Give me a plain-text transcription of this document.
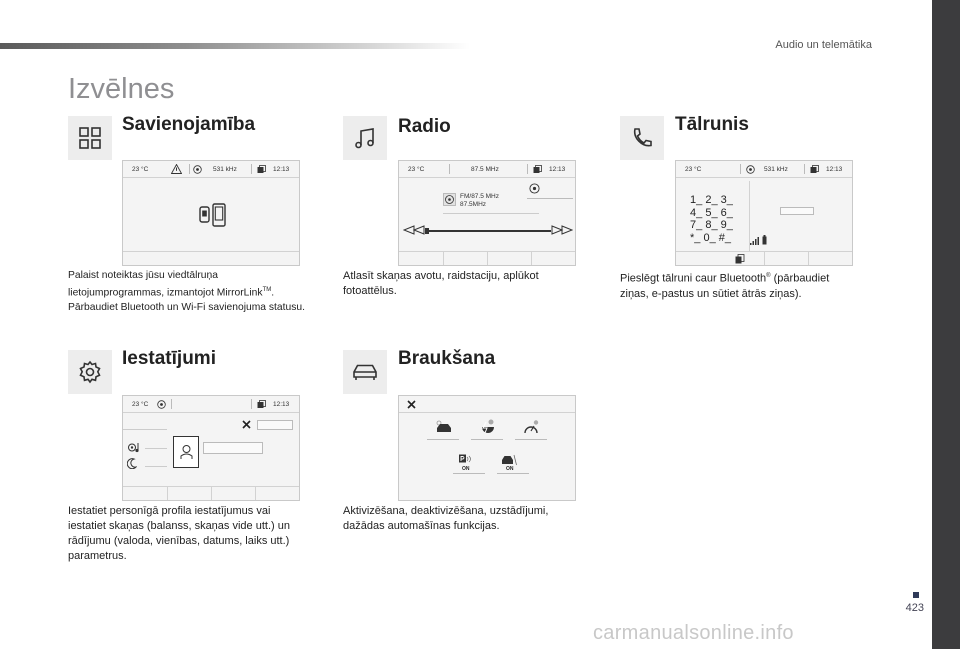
Audio un telemātika
Izvēlnes
Savienojamība
23 °C	531 kHz	12:13
Palaist noteiktas jūsu viedtālruņa
lietojumprogrammas, izmantojot MirrorLink™.
Pārbaudiet Bluetooth un Wi-Fi savienojuma statusu.
Radio
23 °C	87.5 MHz	12:13
FM/87.5 MHz
87.5MHz
Atlasīt skaņas avotu, raidstaciju, aplūkot
fotoattēlus.
Tālrunis
23 °C	531 kHz	12:13
1_ 2_ 3_
4_ 5_ 6_
7_ 8_ 9_
*_ 0_ #_
Pieslēgt tālruni caur Bluetooth® (pārbaudiet
ziņas, e-pastus un sūtiet ātrās ziņas).
Iestatījumi
23 °C	12:13
Iestatiet personīgā profila iestatījumus vai
iestatiet skaņas (balanss, skaņas vide utt.) un
rādījumu (valoda, vienības, datums, laiks utt.)
parametrus.
Braukšana
ON	ON
Aktivizēšana, deaktivizēšana, uzstādījumi,
dažādas automašīnas funkcijas.
423
carmanualsonline.info
